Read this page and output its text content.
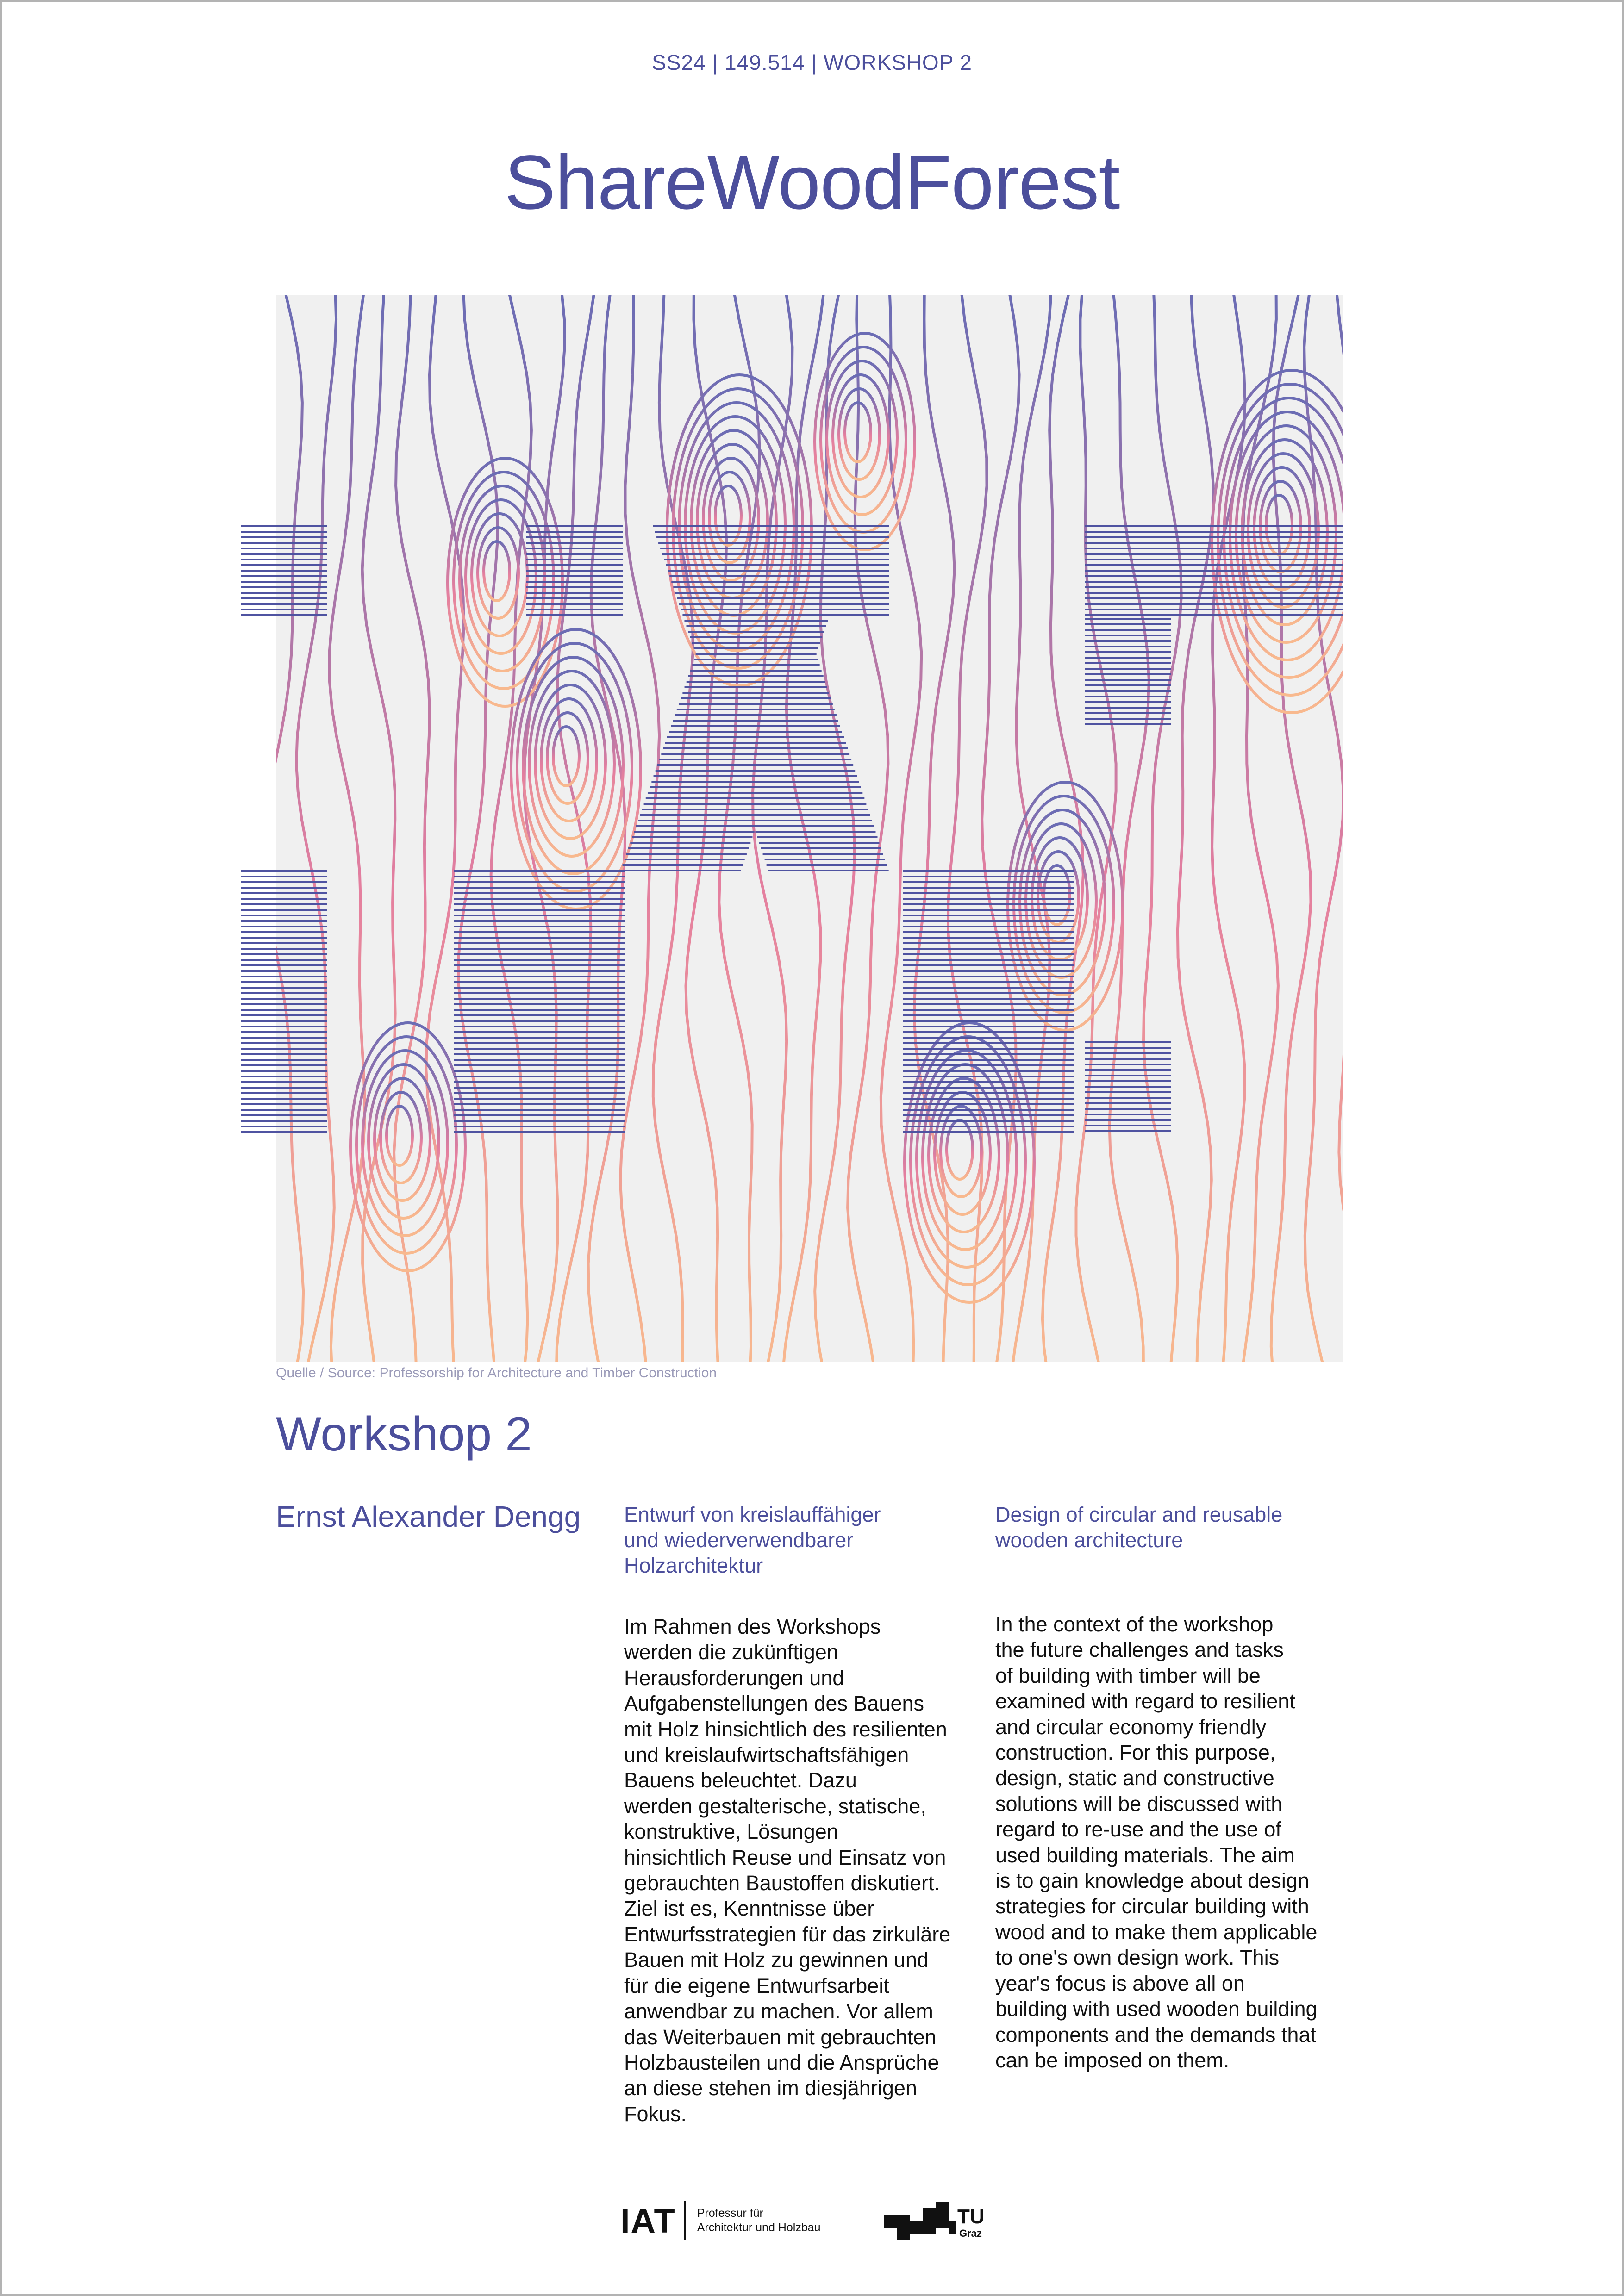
SS24 | 149.514 | WORKSHOP 2
ShareWoodForest
Quelle / Source: Professorship for Architecture and Timber Construction
Workshop 2
Ernst Alexander Dengg Entwurf von kreislauffähiger
und wiederverwendbarer
Holzarchitektur
Design of circular and reusable
wooden architecture
Im Rahmen des Workshops
werden die zukünftigen
Herausforderungen und
Aufgabenstellungen des Bauens
mit Holz hinsichtlich des resilienten
und kreislaufwirtschaftsfähigen
Bauens beleuchtet. Dazu
werden gestalterische, statische,
konstruktive, Lösungen
hinsichtlich Reuse und Einsatz von
gebrauchten Baustoffen diskutiert.
Ziel ist es, Kenntnisse über
Entwurfsstrategien für das zirkuläre
Bauen mit Holz zu gewinnen und
für die eigene Entwurfsarbeit
anwendbar zu machen. Vor allem
das Weiterbauen mit gebrauchten
Holzbausteilen und die Ansprüche
an diese stehen im diesjährigen
Fokus.
In the context of the workshop
the future challenges and tasks
of building with timber will be
examined with regard to resilient
and circular economy friendly
construction. For this purpose,
design, static and constructive
solutions will be discussed with
regard to re-use and the use of
used building materials. The aim
is to gain knowledge about design
strategies for circular building with
wood and to make them applicable
to one's own design work. This
year's focus is above all on
building with used wooden building
components and the demands that
can be imposed on them.
IAT Professur für
Architektur und Holzbau	TU
Graz
